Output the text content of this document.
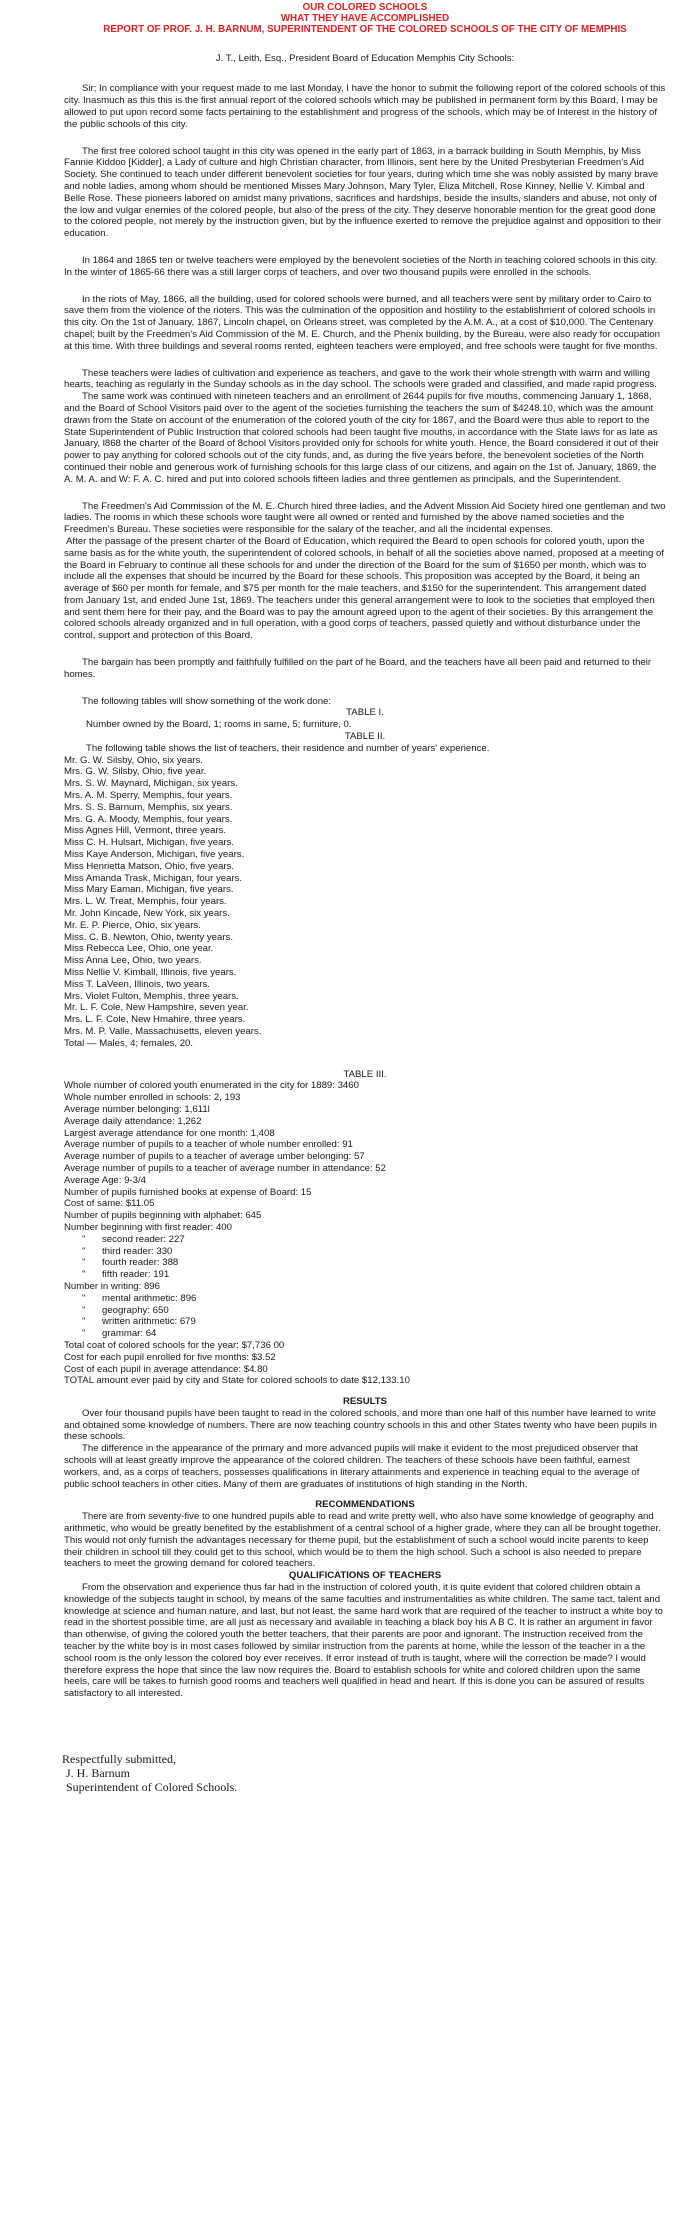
OUR COLORED SCHOOLS
WHAT THEY HAVE ACCOMPLISHED
REPORT OF PROF. J. H. BARNUM, SUPERINTENDENT OF THE COLORED SCHOOLS OF THE CITY OF MEMPHIS
J. T., Leith, Esq., President Board of Education Memphis City Schools:

Sir; In compliance with your request made to me last Monday, I have the honor to submit the following report of the colored schools of this city. Inasmuch as this this is the first annual report of the colored schools which may be published in permanent form by this Board, I may be allowed to put upon record some facts pertaining to the establishment and progress of the schools, which may be of Interest in the history of the public schools of this city.

The first free colored school taught in this city was opened in the early part of 1863, in a barrack building in South Memphis, by Miss Fannie Kiddoo [Kidder], a Lady of culture and high Christian character, from Illinois, sent here by the United Presbyterian Freedmen's Aid Society. She continued to teach under different benevolent societies for four years, during which time she was nobly assisted by many brave and noble ladies, among whom should be mentioned Misses Mary Johnson, Mary Tyler, Eliza Mitchell, Rose Kinney, Nellie V. Kimbal and Belle Rose. These pioneers labored on amidst many privations, sacrifices and hardships, beside the insults, slanders and abuse, not only of the low and vulgar enemies of the colored people, but also of the press of the city. They deserve honorable mention for the great good done to the colored people, not merely by the instruction given, but by the influence exerted to remove the prejudice against and opposition to their education.

In 1864 and 1865 ten or twelve teachers were employed by the benevolent societies of the North in teaching colored schools in this city. In the winter of 1865-66 there was a still larger corps of teachers, and over two thousand pupils were enrolled in the schools.

In the riots of May, 1866, all the building, used for colored schools were burned, and all teachers were sent by military order to Cairo to save them from the violence of the rioters. This was the culmination of the opposition and hostility to the establishment of colored schools in this city. On the 1st of January, 1867, Lincoln chapel, on Orleans street, was completed by the A.M. A., at a cost of $10,000. The Centenary chapel; built by the Freedmen's Aid Commission of the M. E. Church, and the Phenix building, by the Bureau, were also ready for occupation at this time. With three buildings and several rooms rented, eighteen teachers were employed, and free schools were taught for five months.

These teachers were ladies of cultivation and experience as teachers, and gave to the work their whole strength with warm and willing hearts, teaching as regularly in the Sunday schools as in the day school. The schools were graded and classified, and made rapid progress.

The same work was continued with nineteen teachers and an enrollment of 2644 pupils for five mouths, commencing January 1, 1868, and the Board of School Visitors paid over to the agent of the societies furnishing the teachers the sum of $4248.10, which was the amount drawn from the State on account of the enumeration of the colored youth of the city for 1867, and the Board were thus able to report to the State Superintendent of Public Instruction that colored schools had been taught five mouths, in accordance with the State laws for as late as January, l868 the charter of the Board of 8chool Visitors provided only for schools for white youth. Hence, the Board considered it out of their power to pay anything for colored schools out of the city funds, and, as during the five years before, the benevolent societies of the North continued their noble and generous work of furnishing schools for this large class of our citizens, and again on the 1st of. January, 1869, the A. M. A. and W: F. A. C. hired and put into colored schools fifteen ladies and three gentlemen as principals, and the Superintendent.

The Freedmen's Aid Commission of the M. E. Church hired three ladies, and the Advent Mission Aid Society hired one gentleman and two ladies. The rooms in which these schools wore taught were all owned or rented and furnished by the above named societies and the Freedmen's Bureau. These societies were responsible for the salary of the teacher, and all the incidental expenses.

After the passage of the present charter of the Board of Education, which required the Beard to open schools for colored youth, upon the same basis as for the white youth, the superintendent of colored schools, in behalf of all the societies above named, proposed at a meeting of the Board in February to continue all these schools for and under the direction of the Board for the sum of $1650 per month, which was to include all the expenses that should be incurred by the Board for these schools. This proposition was accepted by the Board, it being an average of $60 per month for female, and $75 per month for the male teachers, and $150 for the superintendent. This arrangement dated from January 1st, and ended June 1st, 1869. The teachers under this general arrangement were to look to the societies that employed then and sent them here for their pay, and the Board was to pay the amount agreed upon to the agent of their societies. By this arrangement the colored schools already organized and in full operation, with a good corps of teachers, passed quietly and without disturbance under the control, support and protection of this Board.

The bargain has been promptly and faithfully fulfilled on the part of he Board, and the teachers have all been paid and returned to their homes.

The following tables will show something of the work done:

TABLE I.
Number owned by the Board, 1; rooms in same, 5; furniture, 0.
TABLE II.
The following table shows the list of teachers, their residence and number of years' experience.
Mr. G. W. Silsby, Ohio, six years.
Mrs. G. W. Silsby, Ohio, five year.
Mrs. S. W. Maynard, Michigan, six years.
Mrs. A. M. Sperry, Memphis, four years.
Mrs. S. S. Barnum, Memphis, six years.
Mrs. G. A. Moody, Memphis, four years.
Miss Agnes Hill, Vermont, three years.
Miss C. H. Hulsart, Michigan, five years.
Miss Kaye Anderson, Michigan, five years.
Miss Henrietta Matson, Ohio, five years.
Miss Amanda Trask, Michigan, four years.
Miss Mary Eaman, Michigan, five years.
Mrs. L. W. Treat, Memphis, four years.
Mr. John Kincade, New York, six years.
Mr. E. P. Pierce, Ohio, six years.
Miss. C. B. Newton, Ohio, twenty years.
Miss Rebecca Lee, Ohio, one year.
Miss Anna Lee, Ohio, two years.
Miss Nellie V. Kimball, Illinois, five years.
Miss T. LaVeen, Illinois, two years.
Mrs. Violet Fulton, Memphis, three years.
Mr. L. F. Cole, New Hampshire, seven year.
Mrs. L. F. Cole, New Hmahire, three years.
Mrs. M. P. Valle, Massachusetts, eleven years.
Total — Males, 4; females, 20.
TABLE III.
Whole number of colored youth enumerated in the city for 1889: 3460
Whole number enrolled in schools: 2, 193
Average number belonging: 1,611l
Average daily attendance: 1,262
Largest average attendance for one month: 1,408
Average number of pupils to a teacher of whole number enrolled: 91
Average number of pupils to a teacher of average umber belonging: 57
Average number of pupils to a teacher of average number in attendance: 52
Average Age: 9-3/4
Number of pupils furnished books at expense of Board: 15
Cost of same: $11.05
Number of pupils beginning with alphabet: 645
Number beginning with first reader: 400
" second reader: 227
" third reader: 330
" fourth reader: 388
" fifth reader: 191
Number in writing: 896
" mental arithmetic: 896
" geography: 650
" written arithmetic: 679
" grammar: 64
Total coat of colored schools for the year: $7,736 00
Cost for each pupil enrolled for five months: $3.52
Cost of each pupil in average attendance: $4.80
TOTAL amount ever paid by city and State for colored schools to date $12,133.10
RESULTS

Over four thousand pupils have been taught to read in the colored schools, and more than one half of this number have learned to write and obtained some knowledge of numbers. There are now teaching country schools in this and other States twenty who have been pupils in these schools.

The difference in the appearance of the primary and more advanced pupils will make it evident to the most prejudiced observer that schools will at least greatly improve the appearance of the colored children. The teachers of these schools have been faithful, earnest workers, and, as a corps of teachers, possesses qualifications in literary attainments and experience in teaching equal to the average of public school teachers in other cities. Many of them are graduates of institutions of high standing in the North.

RECOMMENDATIONS

There are from seventy-five to one hundred pupils able to read and write pretty well, who also have some knowledge of geography and arithmetic, who would be greatly benefited by the establishment of a central school of a higher grade, where they can all be brought together. This would not only furnish the advantages necessary for theme pupil, but the establishment of such a school would incite parents to keep their children in school till they could get to this school, which would be to them the high school. Such a school is also needed to prepare teachers to meet the growing demand for colored teachers.

QUALIFICATIONS OF TEACHERS

From the observation and experience thus far had in the instruction of colored youth, it is quite evident that colored children obtain a knowledge of the subjects taught in school, by means of the same faculties and instrumentalities as white children. The same tact, talent and knowledge at science and human nature, and last, but not least, the same hard work that are required of the teacher to instruct a white boy to read in the shortest possible time, are all just as necessary and available in teaching a black boy his A B C. It is rather an argument in favor than otherwise, of giving the colored youth the better teachers, that their parents are poor and ignorant. The instruction received from the teacher by the white boy is in most cases followed by similar instruction from the parents at home, while the lesson of the teacher in a the school room is the only lesson the colored boy ever receives. If error instead of truth is taught, where will the correction be made? I would therefore express the hope that since the law now requires the. Board to establish schools for white and colored children upon the same heels, care will be takes to furnish good rooms and teachers well qualified in head and heart. If this is done you can be assured of results satisfactory to all interested.

Respectfully submitted,
J. H. Barnum
Superintendent of Colored Schools.
